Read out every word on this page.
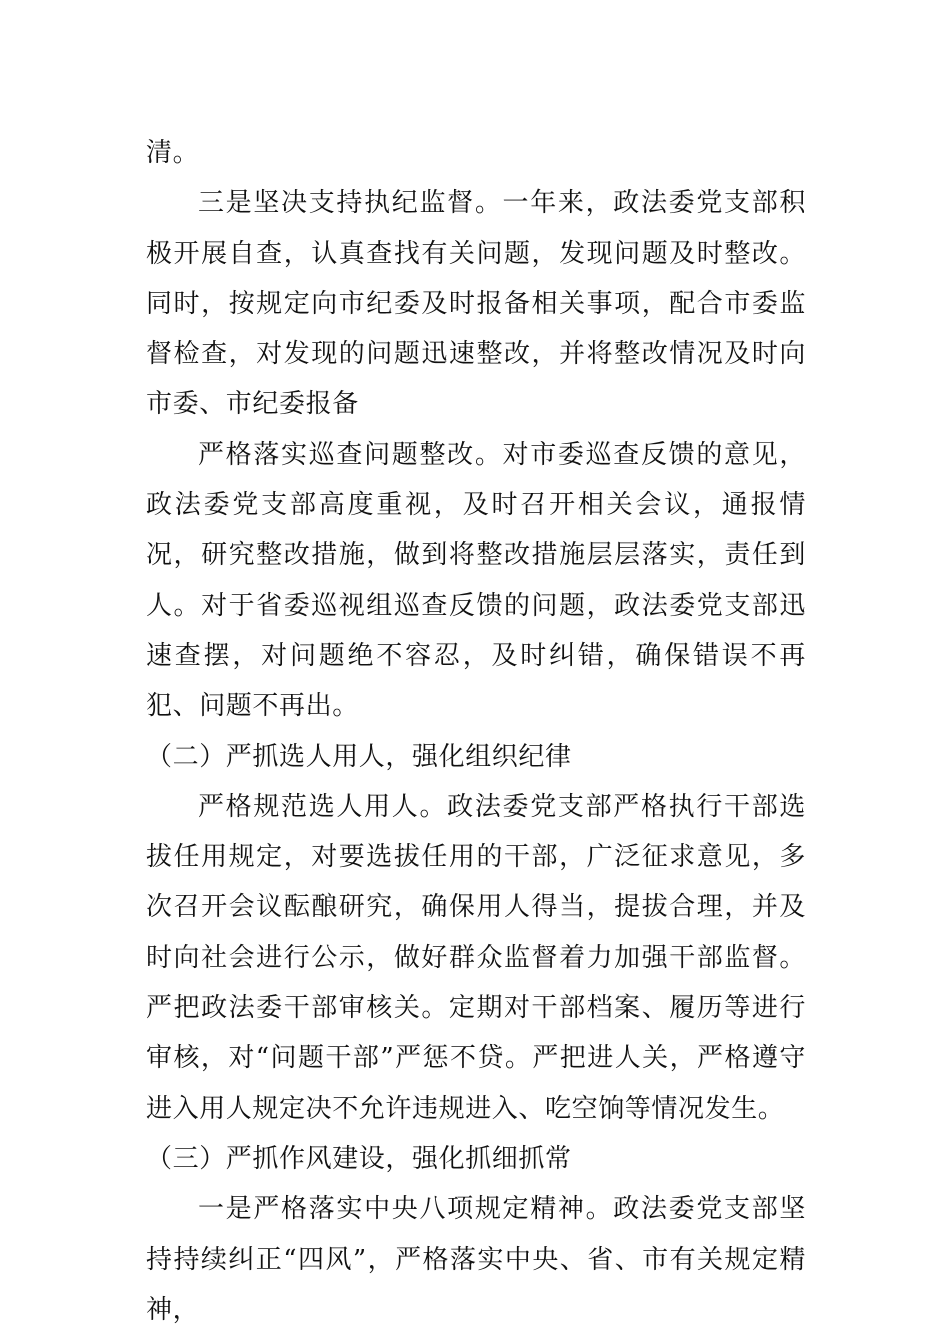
清。

三是坚决支持执纪监督。一年来，政法委党支部积极开展自查，认真查找有关问题，发现问题及时整改。同时，按规定向市纪委及时报备相关事项，配合市委监督检查，对发现的问题迅速整改，并将整改情况及时向市委、市纪委报备

严格落实巡查问题整改。对市委巡查反馈的意见，政法委党支部高度重视，及时召开相关会议，通报情况，研究整改措施，做到将整改措施层层落实，责任到人。对于省委巡视组巡查反馈的问题，政法委党支部迅速查摆，对问题绝不容忍，及时纠错，确保错误不再犯、问题不再出。

（二）严抓选人用人，强化组织纪律

严格规范选人用人。政法委党支部严格执行干部选拔任用规定，对要选拔任用的干部，广泛征求意见，多次召开会议酝酿研究，确保用人得当，提拔合理，并及时向社会进行公示，做好群众监督着力加强干部监督。严把政法委干部审核关。定期对干部档案、履历等进行审核，对“问题干部”严惩不贷。严把进人关，严格遵守进入用人规定决不允许违规进入、吃空饷等情况发生。

（三）严抓作风建设，强化抓细抓常

一是严格落实中央八项规定精神。政法委党支部坚持持续纠正“四风”，严格落实中央、省、市有关规定精神，
